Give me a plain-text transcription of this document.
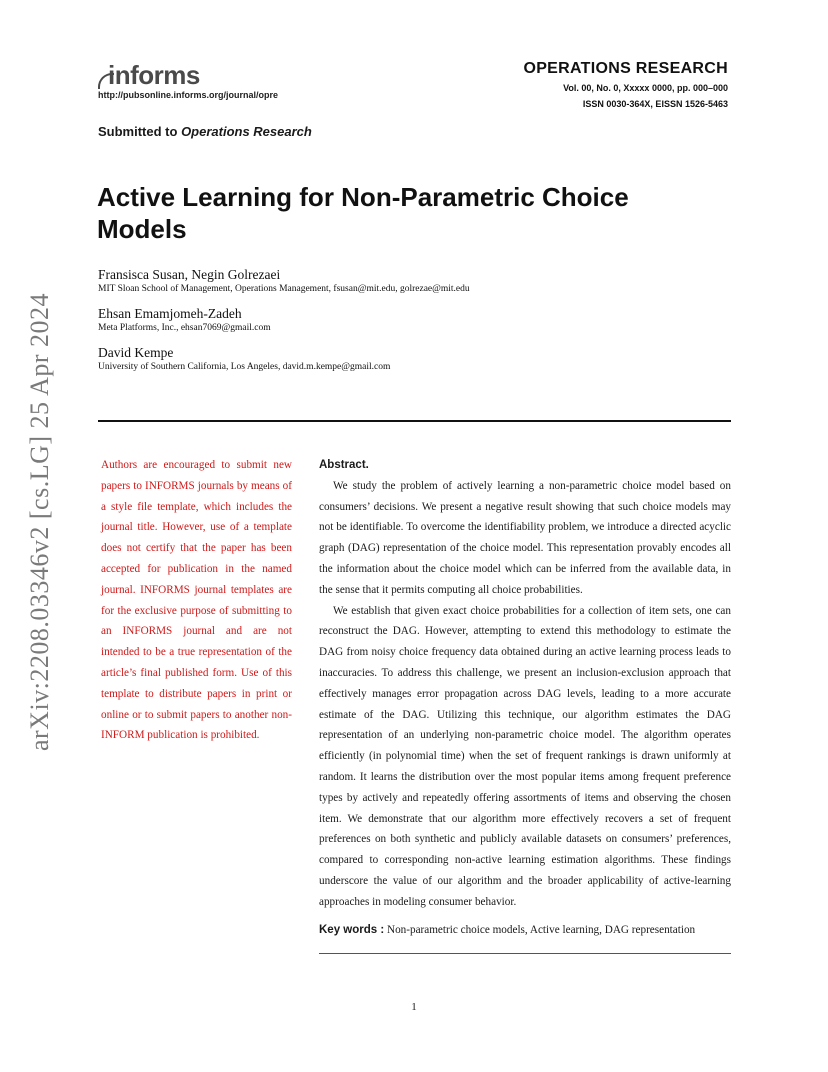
arXiv:2208.03346v2 [cs.LG] 25 Apr 2024
informs
http://pubsonline.informs.org/journal/opre
OPERATIONS RESEARCH
Vol. 00, No. 0, Xxxxx 0000, pp. 000–000
ISSN 0030-364X, EISSN 1526-5463
Submitted to Operations Research
Active Learning for Non-Parametric Choice Models
Fransisca Susan, Negin Golrezaei
MIT Sloan School of Management, Operations Management, fsusan@mit.edu, golrezae@mit.edu
Ehsan Emamjomeh-Zadeh
Meta Platforms, Inc., ehsan7069@gmail.com
David Kempe
University of Southern California, Los Angeles, david.m.kempe@gmail.com
Authors are encouraged to submit new papers to INFORMS journals by means of a style file template, which includes the journal title. However, use of a template does not certify that the paper has been accepted for publication in the named journal. INFORMS journal templates are for the exclusive purpose of submitting to an INFORMS journal and are not intended to be a true representation of the article’s final published form. Use of this template to distribute papers in print or online or to submit papers to another non-INFORM publication is prohibited.
Abstract.

We study the problem of actively learning a non-parametric choice model based on consumers’ decisions. We present a negative result showing that such choice models may not be identifiable. To overcome the identifiability problem, we introduce a directed acyclic graph (DAG) representation of the choice model. This representation provably encodes all the information about the choice model which can be inferred from the available data, in the sense that it permits computing all choice probabilities.

We establish that given exact choice probabilities for a collection of item sets, one can reconstruct the DAG. However, attempting to extend this methodology to estimate the DAG from noisy choice frequency data obtained during an active learning process leads to inaccuracies. To address this challenge, we present an inclusion-exclusion approach that effectively manages error propagation across DAG levels, leading to a more accurate estimate of the DAG. Utilizing this technique, our algorithm estimates the DAG representation of an underlying non-parametric choice model. The algorithm operates efficiently (in polynomial time) when the set of frequent rankings is drawn uniformly at random. It learns the distribution over the most popular items among frequent preference types by actively and repeatedly offering assortments of items and observing the chosen item. We demonstrate that our algorithm more effectively recovers a set of frequent preferences on both synthetic and publicly available datasets on consumers’ preferences, compared to corresponding non-active learning estimation algorithms. These findings underscore the value of our algorithm and the broader applicability of active-learning approaches in modeling consumer behavior.

Key words : Non-parametric choice models, Active learning, DAG representation
1
